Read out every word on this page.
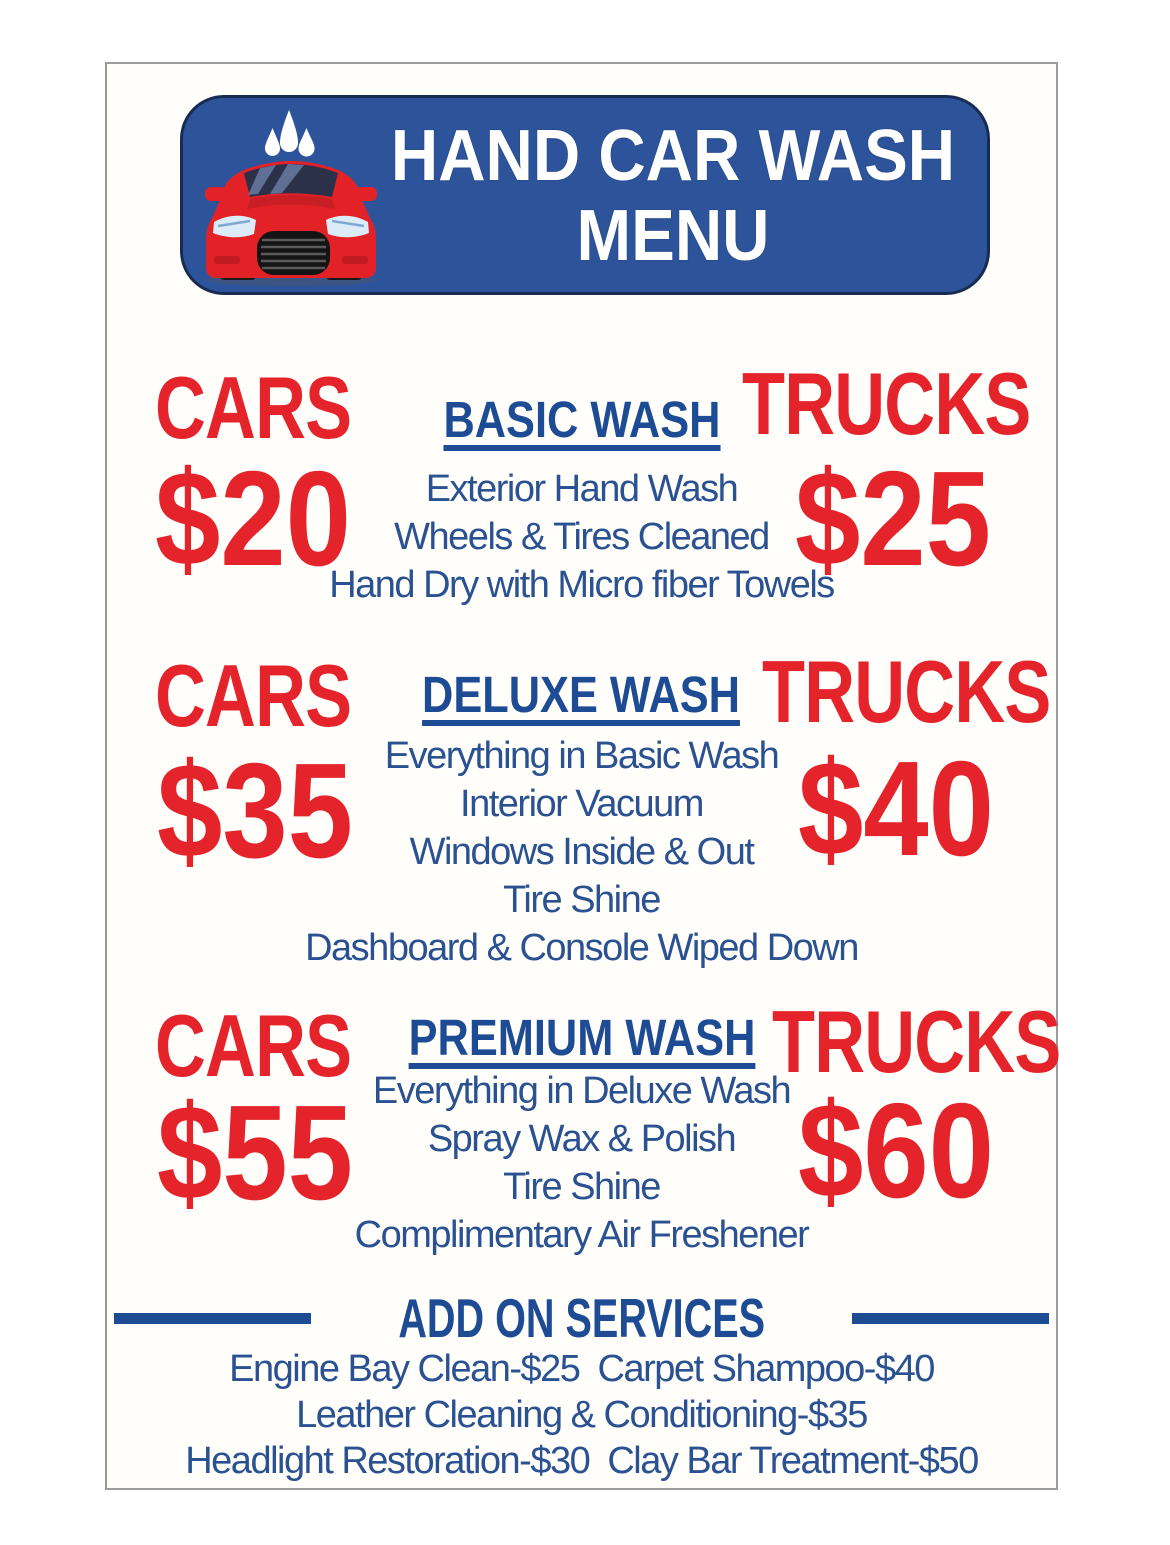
HAND CAR WASH
MENU
CARS	TRUCKS
BASIC WASH
$20	$25
Exterior Hand Wash
Wheels & Tires Cleaned
Hand Dry with Micro fiber Towels
CARS	TRUCKS
DELUXE WASH
$35	$40
Everything in Basic Wash
Interior Vacuum
Windows Inside & Out
Tire Shine
Dashboard & Console Wiped Down
CARS	TRUCKS
PREMIUM WASH
$55	$60
Everything in Deluxe Wash
Spray Wax & Polish
Tire Shine
Complimentary Air Freshener
ADD ON SERVICES
Engine Bay Clean-$25  Carpet Shampoo-$40
Leather Cleaning & Conditioning-$35
Headlight Restoration-$30  Clay Bar Treatment-$50
